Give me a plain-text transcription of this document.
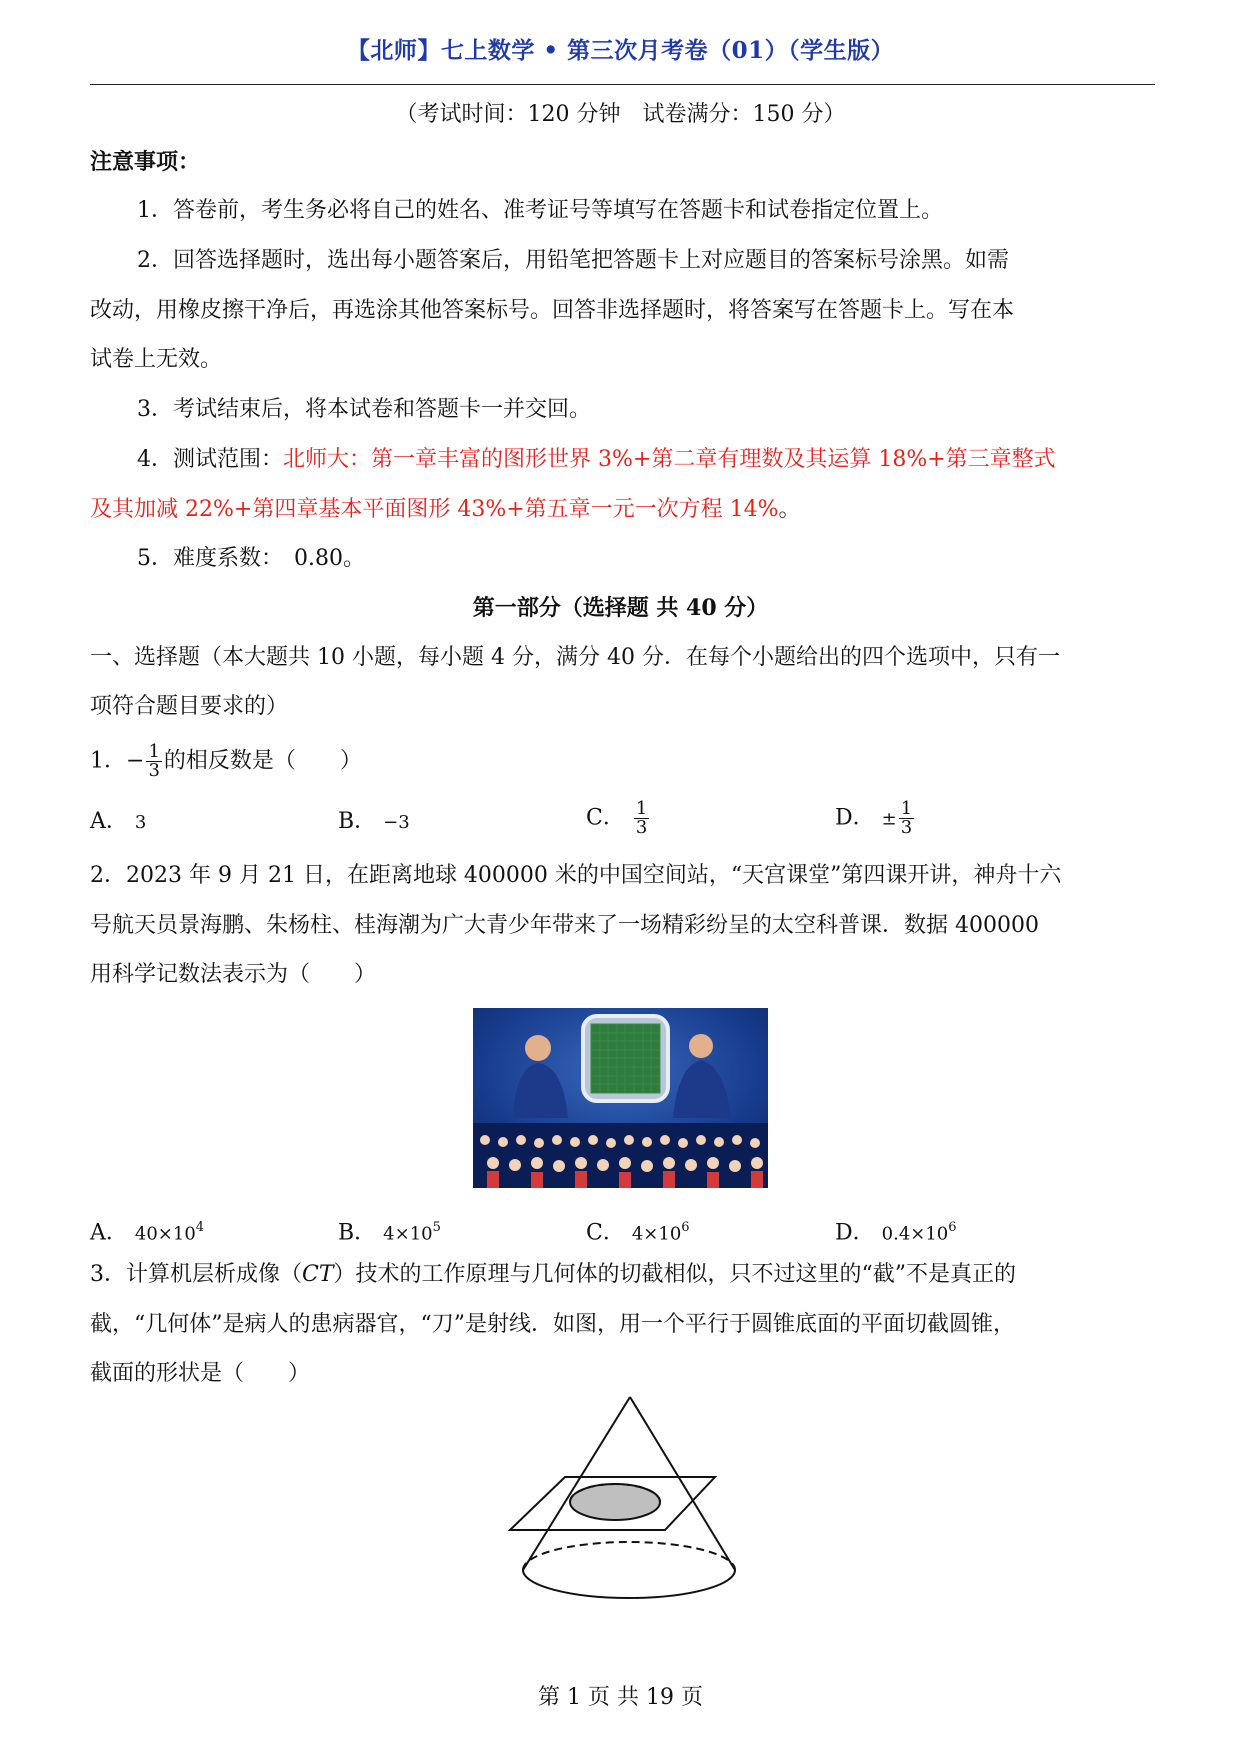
【北师】七上数学 • 第三次月考卷（01）（学生版）
（考试时间：120 分钟　试卷满分：150 分）
注意事项：
1．答卷前，考生务必将自己的姓名、准考证号等填写在答题卡和试卷指定位置上。
2．回答选择题时，选出每小题答案后，用铅笔把答题卡上对应题目的答案标号涂黑。如需
改动，用橡皮擦干净后，再选涂其他答案标号。回答非选择题时，将答案写在答题卡上。写在本
试卷上无效。
3．考试结束后，将本试卷和答题卡一并交回。
4．测试范围：北师大：第一章丰富的图形世界 3%+第二章有理数及其运算 18%+第三章整式
及其加减 22%+第四章基本平面图形 43%+第五章一元一次方程 14%。
5．难度系数：　0.80。
第一部分（选择题 共 40 分）
一、选择题（本大题共 10 小题，每小题 4 分，满分 40 分．在每个小题给出的四个选项中，只有一
项符合题目要求的）
1．− $\frac{1}{3}$ 的相反数是（　　）
A． 3	B． −3	C． $\frac{1}{3}$	D． ± $\frac{1}{3}$
2．2023 年 9 月 21 日，在距离地球 400000 米的中国空间站，“天宫课堂”第四课开讲，神舟十六
号航天员景海鹏、朱杨柱、桂海潮为广大青少年带来了一场精彩纷呈的太空科普课．数据 400000
用科学记数法表示为（　　）
A． $40\times 10^4$	B． $4\times 10^5$	C． $4\times 10^6$	D． $0.4\times 10^6$
3．计算机层析成像（CT）技术的工作原理与几何体的切截相似，只不过这里的“截”不是真正的
截，“几何体”是病人的患病器官，“刀”是射线．如图，用一个平行于圆锥底面的平面切截圆锥，
截面的形状是（　　）
第 1 页 共 19 页
